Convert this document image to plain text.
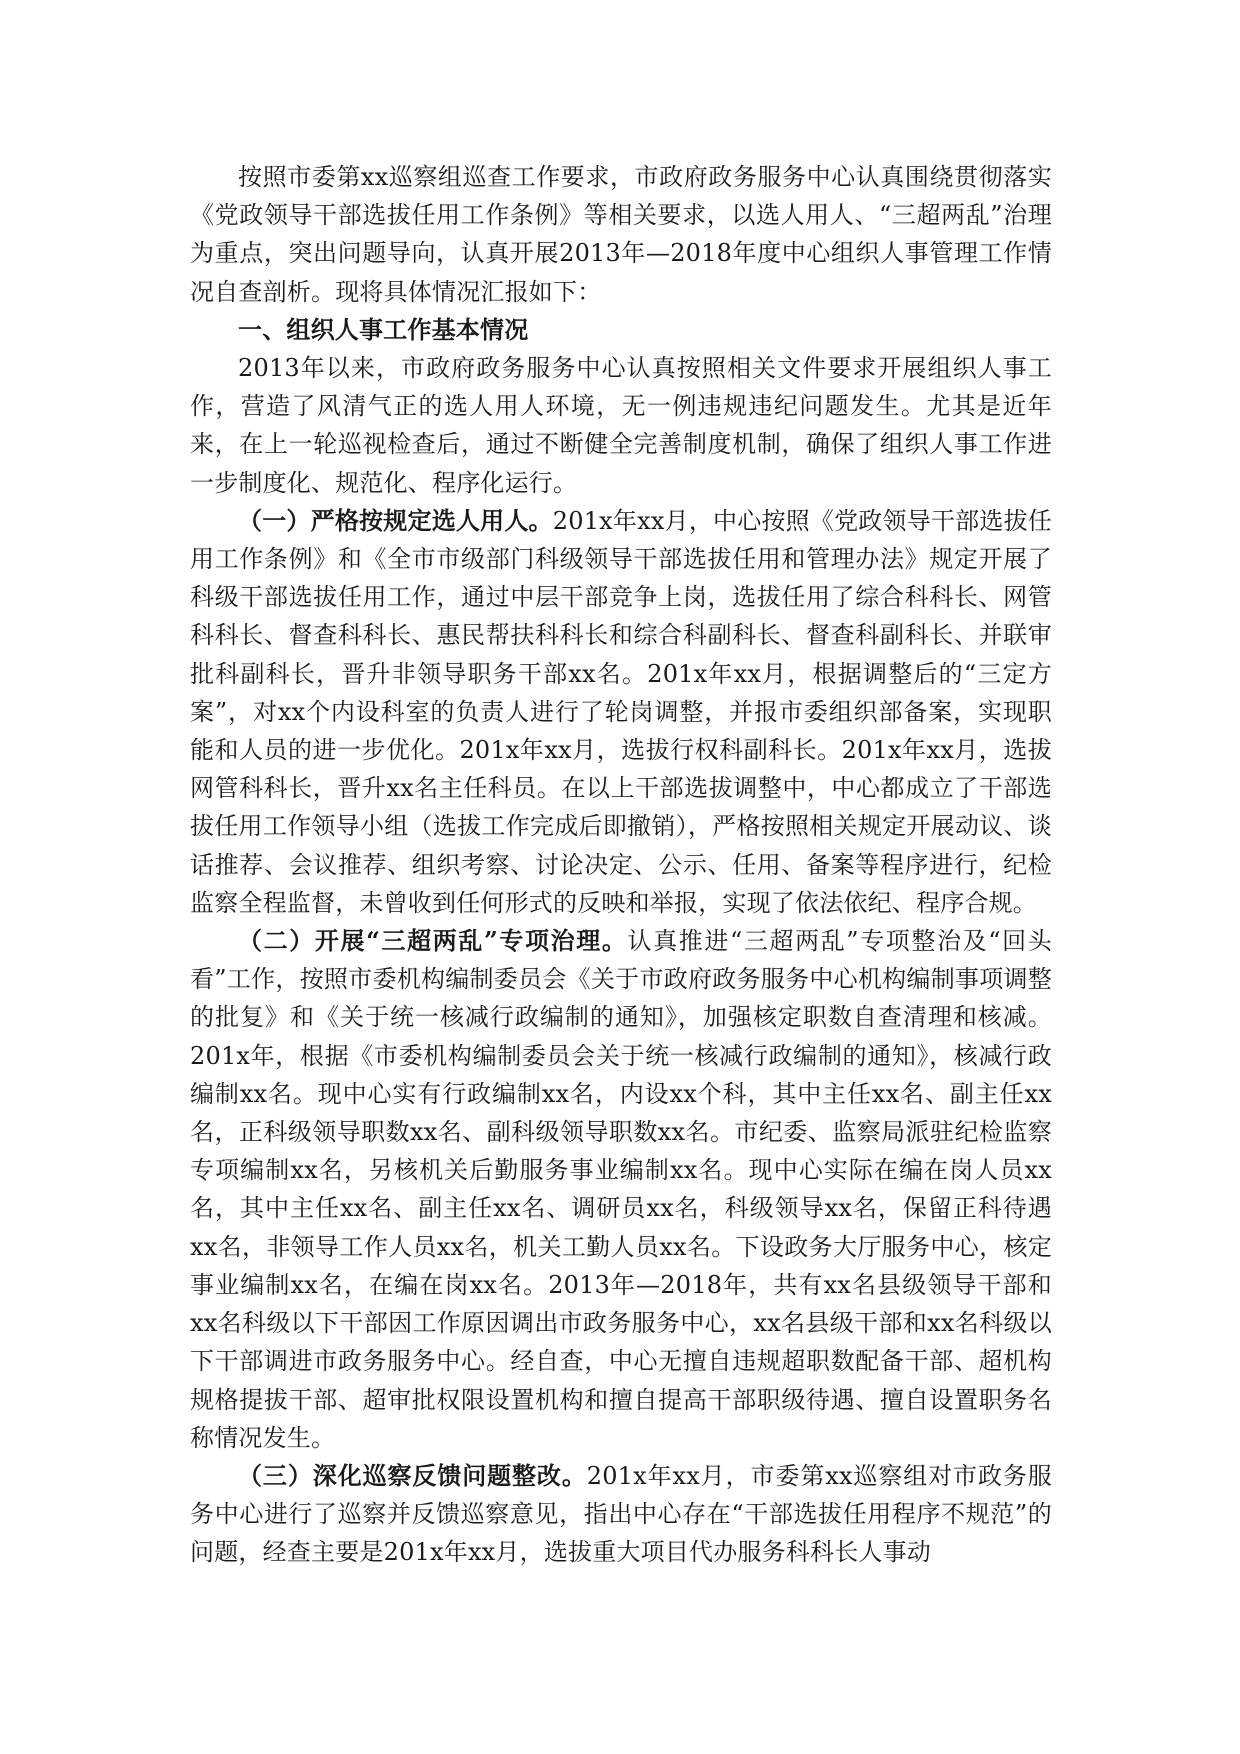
按照市委第xx巡察组巡查工作要求，市政府政务服务中心认真围绕贯彻落实《党政领导干部选拔任用工作条例》等相关要求，以选人用人、“三超两乱”治理为重点，突出问题导向，认真开展2013年—2018年度中心组织人事管理工作情况自查剖析。现将具体情况汇报如下：

一、组织人事工作基本情况

2013年以来，市政府政务服务中心认真按照相关文件要求开展组织人事工作，营造了风清气正的选人用人环境，无一例违规违纪问题发生。尤其是近年来，在上一轮巡视检查后，通过不断健全完善制度机制，确保了组织人事工作进一步制度化、规范化、程序化运行。

（一）严格按规定选人用人。201x年xx月，中心按照《党政领导干部选拔任用工作条例》和《全市市级部门科级领导干部选拔任用和管理办法》规定开展了科级干部选拔任用工作，通过中层干部竞争上岗，选拔任用了综合科科长、网管科科长、督查科科长、惠民帮扶科科长和综合科副科长、督查科副科长、并联审批科副科长，晋升非领导职务干部xx名。201x年xx月，根据调整后的“三定方案”，对xx个内设科室的负责人进行了轮岗调整，并报市委组织部备案，实现职能和人员的进一步优化。201x年xx月，选拔行权科副科长。201x年xx月，选拔网管科科长，晋升xx名主任科员。在以上干部选拔调整中，中心都成立了干部选拔任用工作领导小组（选拔工作完成后即撤销），严格按照相关规定开展动议、谈话推荐、会议推荐、组织考察、讨论决定、公示、任用、备案等程序进行，纪检监察全程监督，未曾收到任何形式的反映和举报，实现了依法依纪、程序合规。

（二）开展“三超两乱”专项治理。认真推进“三超两乱”专项整治及“回头看”工作，按照市委机构编制委员会《关于市政府政务服务中心机构编制事项调整的批复》和《关于统一核减行政编制的通知》，加强核定职数自查清理和核减。201x年，根据《市委机构编制委员会关于统一核减行政编制的通知》，核减行政编制xx名。现中心实有行政编制xx名，内设xx个科，其中主任xx名、副主任xx名，正科级领导职数xx名、副科级领导职数xx名。市纪委、监察局派驻纪检监察专项编制xx名，另核机关后勤服务事业编制xx名。现中心实际在编在岗人员xx名，其中主任xx名、副主任xx名、调研员xx名，科级领导xx名，保留正科待遇xx名，非领导工作人员xx名，机关工勤人员xx名。下设政务大厅服务中心，核定事业编制xx名，在编在岗xx名。2013年—2018年，共有xx名县级领导干部和xx名科级以下干部因工作原因调出市政务服务中心，xx名县级干部和xx名科级以下干部调进市政务服务中心。经自查，中心无擅自违规超职数配备干部、超机构规格提拔干部、超审批权限设置机构和擅自提高干部职级待遇、擅自设置职务名称情况发生。

（三）深化巡察反馈问题整改。201x年xx月，市委第xx巡察组对市政务服务中心进行了巡察并反馈巡察意见，指出中心存在“干部选拔任用程序不规范”的问题，经查主要是201x年xx月，选拔重大项目代办服务科科长人事动
